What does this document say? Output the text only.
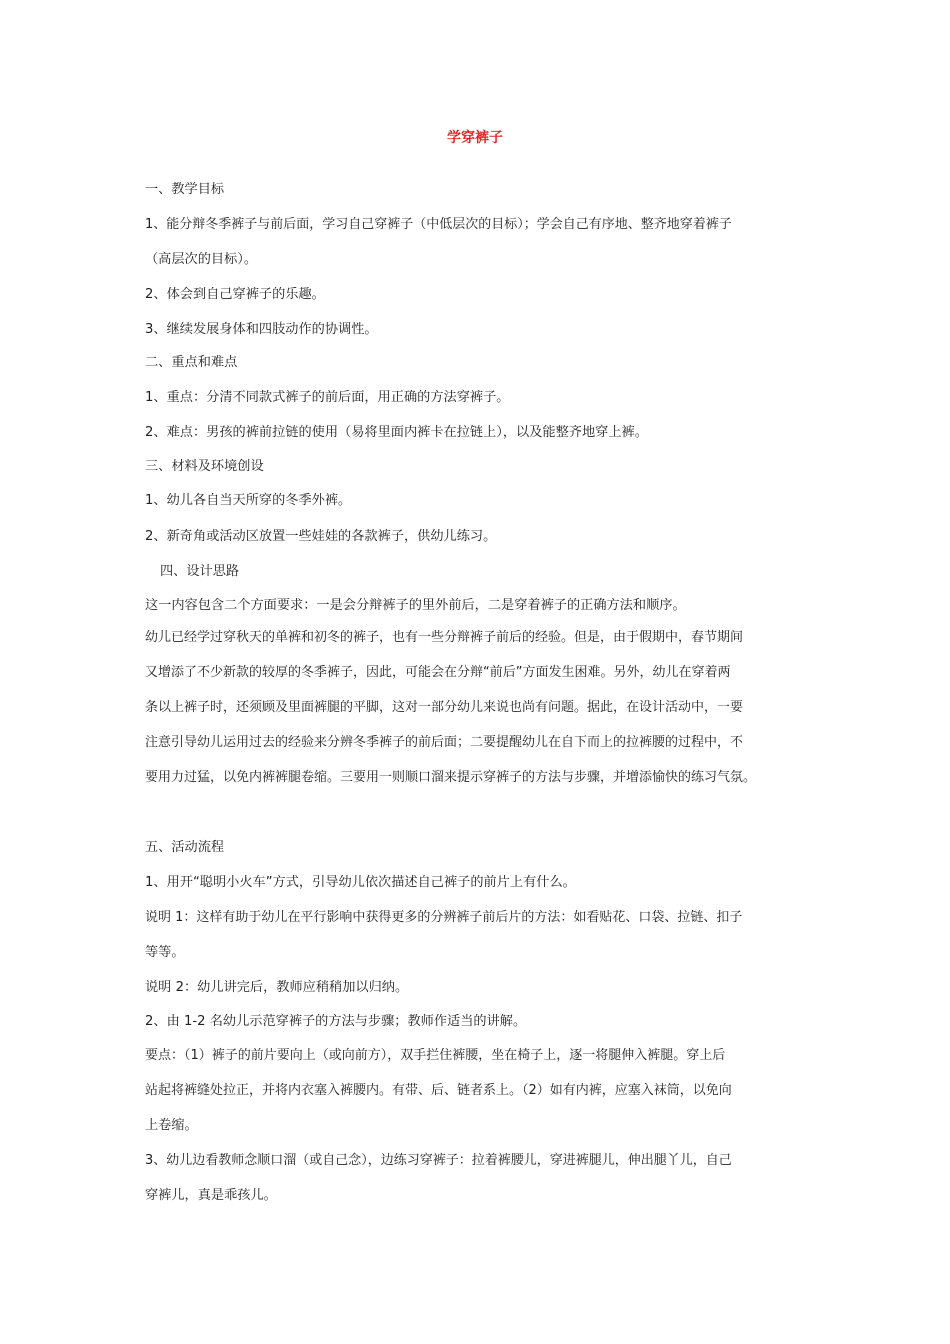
学穿裤子

一、教学目标

1、能分辩冬季裤子与前后面，学习自己穿裤子（中低层次的目标）；学会自己有序地、整齐地穿着裤子

（高层次的目标）。

2、体会到自己穿裤子的乐趣。

3、继续发展身体和四肢动作的协调性。

二、重点和难点

1、重点：分清不同款式裤子的前后面，用正确的方法穿裤子。

2、难点：男孩的裤前拉链的使用（易将里面内裤卡在拉链上），以及能整齐地穿上裤。

三、材料及环境创设

1、幼儿各自当天所穿的冬季外裤。

2、新奇角或活动区放置一些娃娃的各款裤子，供幼儿练习。

四、设计思路

这一内容包含二个方面要求：一是会分辩裤子的里外前后，二是穿着裤子的正确方法和顺序。

幼儿已经学过穿秋天的单裤和初冬的裤子，也有一些分辩裤子前后的经验。但是，由于假期中，春节期间

又增添了不少新款的较厚的冬季裤子，因此，可能会在分辩“前后”方面发生困难。另外，幼儿在穿着两

条以上裤子时，还须顾及里面裤腿的平脚，这对一部分幼儿来说也尚有问题。据此，在设计活动中，一要

注意引导幼儿运用过去的经验来分辨冬季裤子的前后面；二要提醒幼儿在自下而上的拉裤腰的过程中，不

要用力过猛，以免内裤裤腿卷缩。三要用一则顺口溜来提示穿裤子的方法与步骤，并增添愉快的练习气氛。

五、活动流程

1、用开“聪明小火车”方式，引导幼儿依次描述自己裤子的前片上有什么。

说明 1：这样有助于幼儿在平行影响中获得更多的分辨裤子前后片的方法：如看贴花、口袋、拉链、扣子

等等。

说明 2：幼儿讲完后，教师应稍稍加以归纳。

2、由 1-2 名幼儿示范穿裤子的方法与步骤；教师作适当的讲解。

要点：（1）裤子的前片要向上（或向前方），双手拦住裤腰，坐在椅子上，逐一将腿伸入裤腿。穿上后

站起将裤缝处拉正，并将内衣塞入裤腰内。有带、后、链者系上。（2）如有内裤，应塞入袜筒，以免向

上卷缩。

3、幼儿边看教师念顺口溜（或自己念），边练习穿裤子：拉着裤腰儿，穿进裤腿儿，伸出腿丫儿，自己

穿裤儿，真是乖孩儿。
